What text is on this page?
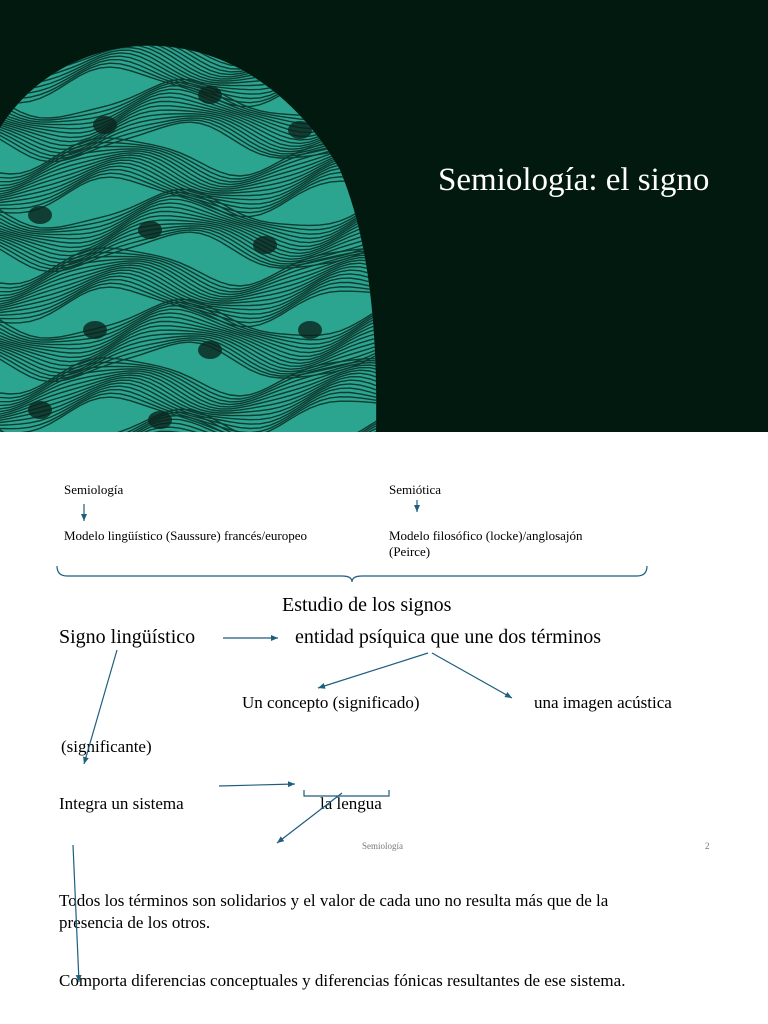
Semiología: el signo
Semiología	Semiótica
Modelo lingüístico (Saussure) francés/europeo	Modelo filosófico (locke)/anglosajón
(Peirce)
Estudio de los signos
Signo lingüístico	entidad psíquica que une dos términos
Un concepto (significado)	una imagen acústica
(significante)
Integra un sistema	la lengua
Semiología	2
Todos los términos son solidarios y el valor de cada uno no resulta más que de la
presencia de los otros.
Comporta diferencias conceptuales y diferencias fónicas resultantes de ese sistema.
